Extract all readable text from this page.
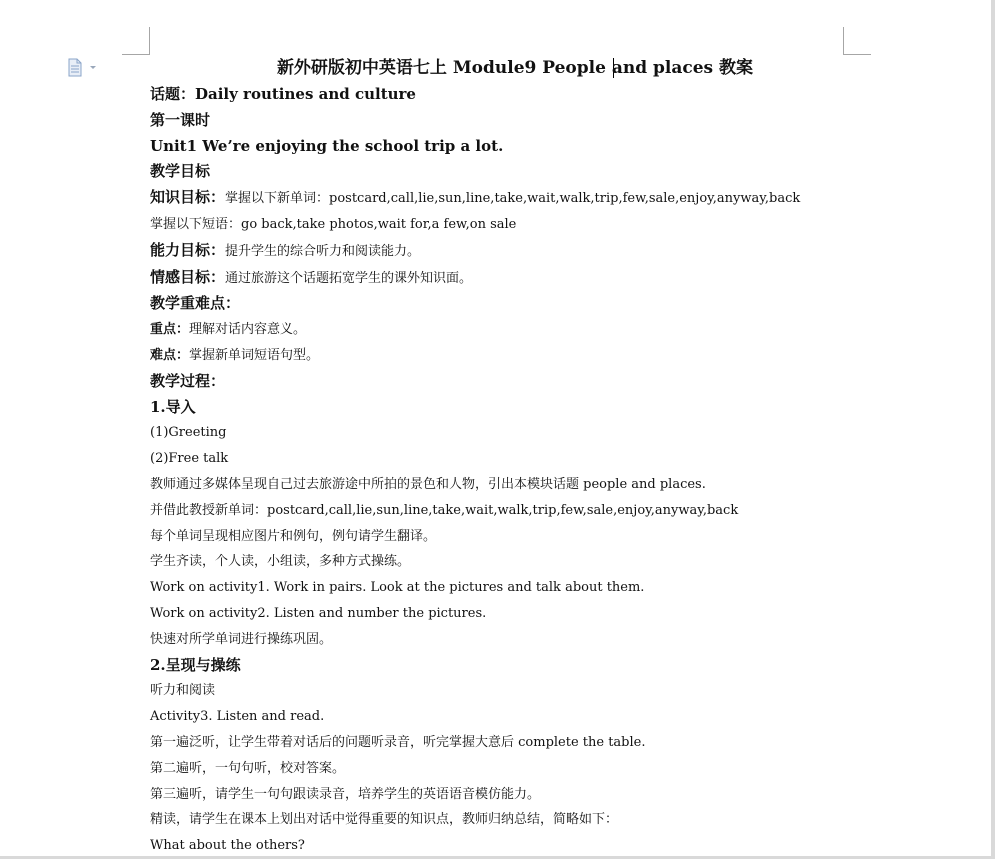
新外研版初中英语七上 Module9 People and places 教案
话题：Daily routines and culture
第一课时
Unit1 We’re enjoying the school trip a lot.
教学目标
知识目标：掌握以下新单词：postcard,call,lie,sun,line,take,wait,walk,trip,few,sale,enjoy,anyway,back
掌握以下短语：go back,take photos,wait for,a few,on sale
能力目标：提升学生的综合听力和阅读能力。
情感目标：通过旅游这个话题拓宽学生的课外知识面。
教学重难点：
重点：理解对话内容意义。
难点：掌握新单词短语句型。
教学过程：
1.导入
(1)Greeting
(2)Free talk
教师通过多媒体呈现自己过去旅游途中所拍的景色和人物，引出本模块话题 people and places.
并借此教授新单词：postcard,call,lie,sun,line,take,wait,walk,trip,few,sale,enjoy,anyway,back
每个单词呈现相应图片和例句，例句请学生翻译。
学生齐读，个人读，小组读，多种方式操练。
Work on activity1. Work in pairs. Look at the pictures and talk about them.
Work on activity2. Listen and number the pictures.
快速对所学单词进行操练巩固。
2.呈现与操练
听力和阅读
Activity3. Listen and read.
第一遍泛听，让学生带着对话后的问题听录音，听完掌握大意后 complete the table.
第二遍听，一句句听，校对答案。
第三遍听，请学生一句句跟读录音，培养学生的英语语音模仿能力。
精读，请学生在课本上划出对话中觉得重要的知识点，教师归纳总结，简略如下：
What about the others?
